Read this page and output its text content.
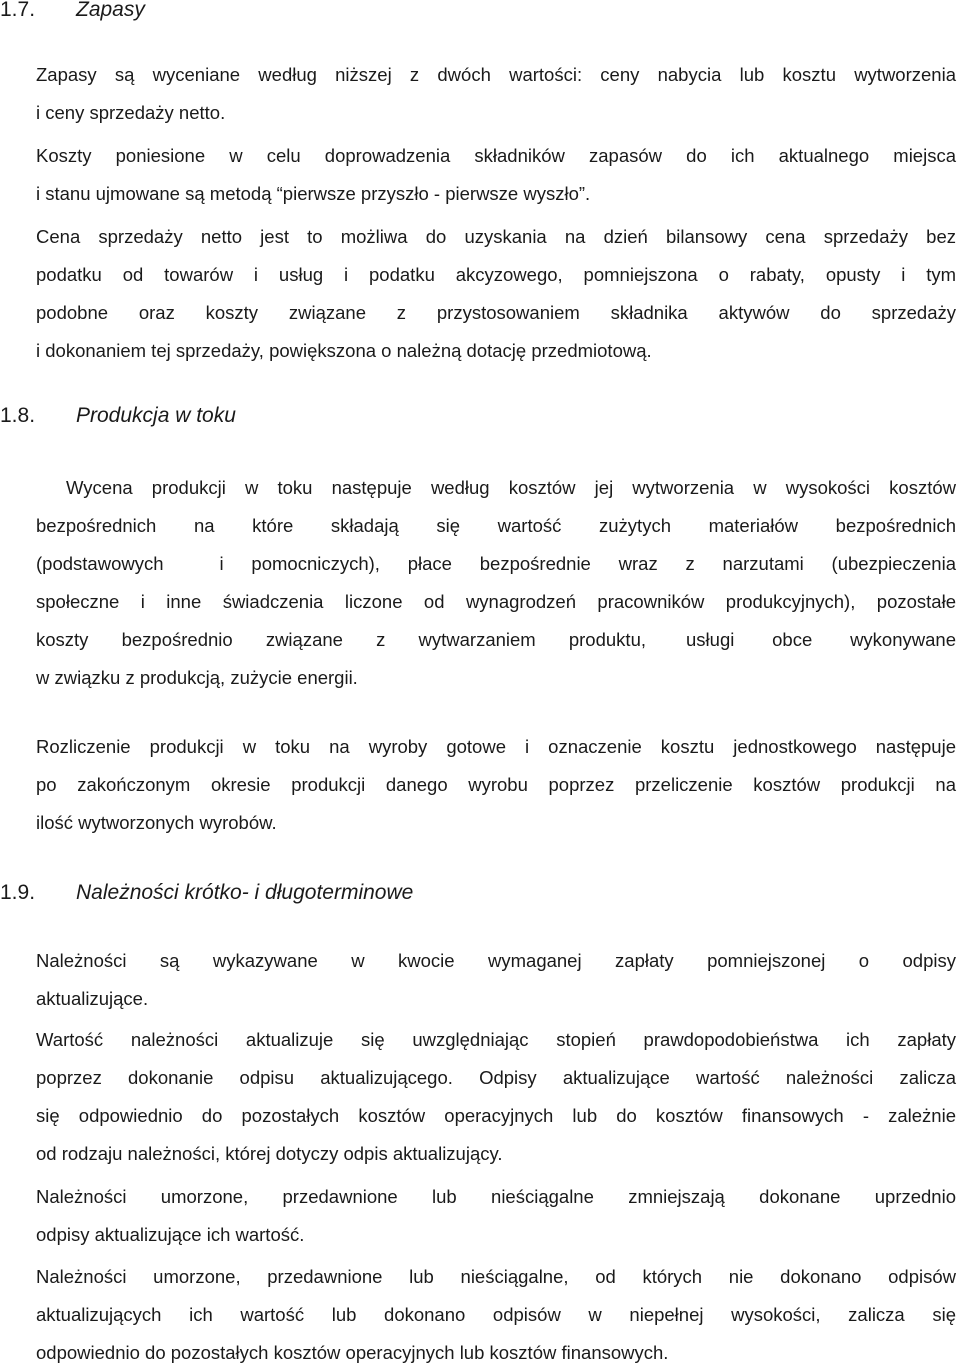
1.7. Zapasy
Zapasy są wyceniane według niższej z dwóch wartości: ceny nabycia lub kosztu wytworzenia
i ceny sprzedaży netto.
Koszty poniesione w celu doprowadzenia składników zapasów do ich aktualnego miejsca
i stanu ujmowane są metodą “pierwsze przyszło - pierwsze wyszło”.
Cena sprzedaży netto jest to możliwa do uzyskania na dzień bilansowy cena sprzedaży bez
podatku od towarów i usług i podatku akcyzowego, pomniejszona o rabaty, opusty i tym
podobne oraz koszty związane z przystosowaniem składnika aktywów do sprzedaży
i dokonaniem tej sprzedaży, powiększona o należną dotację przedmiotową.
1.8. Produkcja w toku
Wycena produkcji w toku następuje według kosztów jej wytworzenia w wysokości kosztów
bezpośrednich na które składają się wartość zużytych materiałów bezpośrednich
(podstawowych	i pomocniczych), płace bezpośrednie wraz z narzutami (ubezpieczenia
społeczne i inne świadczenia liczone od wynagrodzeń pracowników produkcyjnych), pozostałe
koszty bezpośrednio związane z wytwarzaniem produktu, usługi obce wykonywane
w związku z produkcją, zużycie energii.
Rozliczenie produkcji w toku na wyroby gotowe i oznaczenie kosztu jednostkowego następuje
po zakończonym okresie produkcji danego wyrobu poprzez przeliczenie kosztów produkcji na
ilość wytworzonych wyrobów.
1.9. Należności krótko- i długoterminowe
Należności są wykazywane w kwocie wymaganej zapłaty pomniejszonej o odpisy
aktualizujące.
Wartość należności aktualizuje się uwzględniając stopień prawdopodobieństwa ich zapłaty
poprzez dokonanie odpisu aktualizującego. Odpisy aktualizujące wartość należności zalicza
się odpowiednio do pozostałych kosztów operacyjnych lub do kosztów finansowych - zależnie
od rodzaju należności, której dotyczy odpis aktualizujący.
Należności umorzone, przedawnione lub nieściągalne zmniejszają dokonane uprzednio
odpisy aktualizujące ich wartość.
Należności umorzone, przedawnione lub nieściągalne, od których nie dokonano odpisów
aktualizujących ich wartość lub dokonano odpisów w niepełnej wysokości, zalicza się
odpowiednio do pozostałych kosztów operacyjnych lub kosztów finansowych.
